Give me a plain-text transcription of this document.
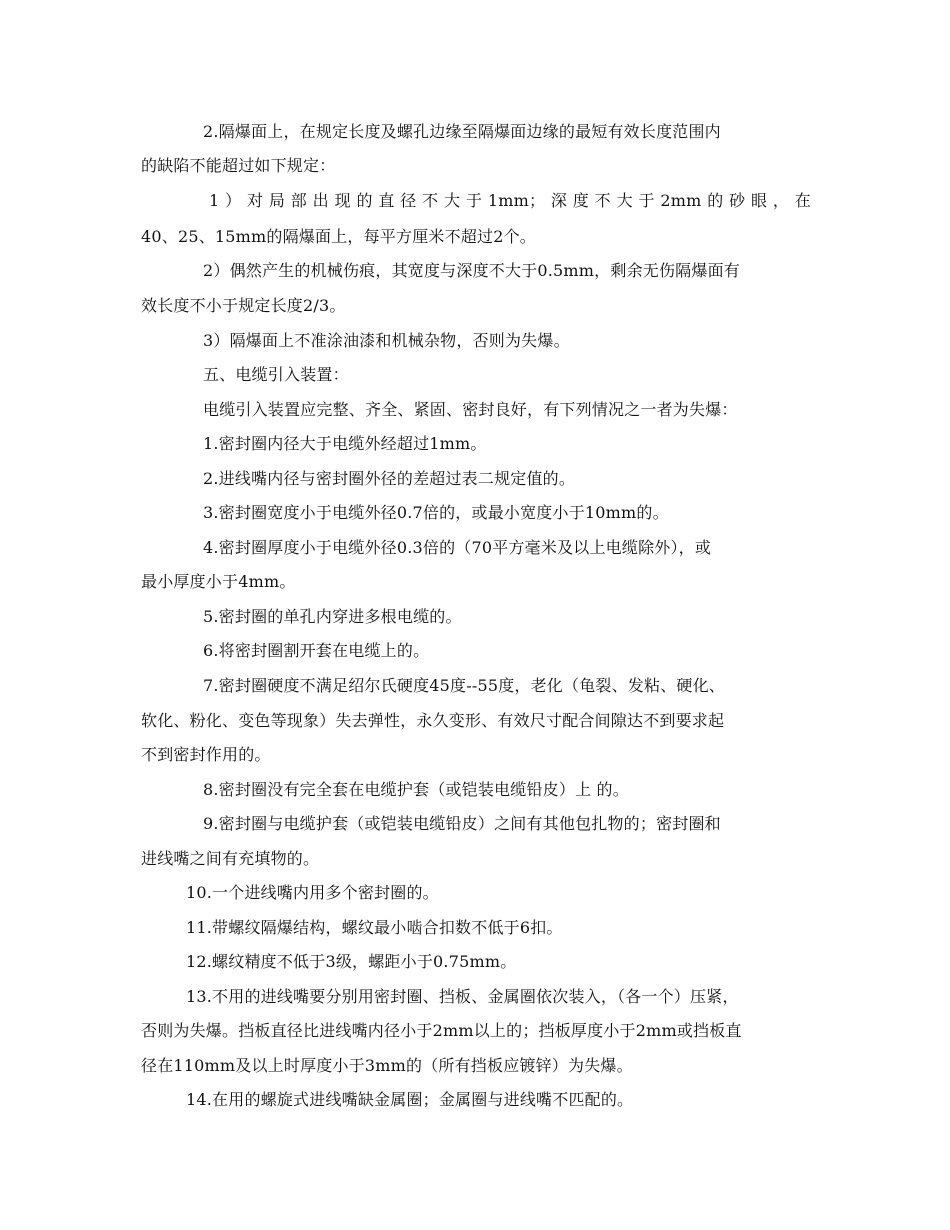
2.隔爆面上，在规定长度及螺孔边缘至隔爆面边缘的最短有效长度范围内
的缺陷不能超过如下规定：
1）对局部出现的直径不大于1mm；深度不大于2mm的砂眼，在
40、25、15mm的隔爆面上，每平方厘米不超过2个。
2）偶然产生的机械伤痕，其宽度与深度不大于0.5mm，剩余无伤隔爆面有
效长度不小于规定长度2/3。
3）隔爆面上不准涂油漆和机械杂物，否则为失爆。
五、电缆引入装置：
电缆引入装置应完整、齐全、紧固、密封良好，有下列情况之一者为失爆：
1.密封圈内径大于电缆外经超过1mm。
2.进线嘴内径与密封圈外径的差超过表二规定值的。
3.密封圈宽度小于电缆外径0.7倍的，或最小宽度小于10mm的。
4.密封圈厚度小于电缆外径0.3倍的（70平方毫米及以上电缆除外），或
最小厚度小于4mm。
5.密封圈的单孔内穿进多根电缆的。
6.将密封圈割开套在电缆上的。
7.密封圈硬度不满足绍尔氏硬度45度--55度，老化（龟裂、发粘、硬化、
软化、粉化、变色等现象）失去弹性，永久变形、有效尺寸配合间隙达不到要求起
不到密封作用的。
8.密封圈没有完全套在电缆护套（或铠装电缆铅皮）上 的。
9.密封圈与电缆护套（或铠装电缆铅皮）之间有其他包扎物的；密封圈和
进线嘴之间有充填物的。
10.一个进线嘴内用多个密封圈的。
11.带螺纹隔爆结构，螺纹最小啮合扣数不低于6扣。
12.螺纹精度不低于3级，螺距小于0.75mm。
13.不用的进线嘴要分别用密封圈、挡板、金属圈依次装入，（各一个）压紧，
否则为失爆。挡板直径比进线嘴内径小于2mm以上的；挡板厚度小于2mm或挡板直
径在110mm及以上时厚度小于3mm的（所有挡板应镀锌）为失爆。
14.在用的螺旋式进线嘴缺金属圈；金属圈与进线嘴不匹配的。
